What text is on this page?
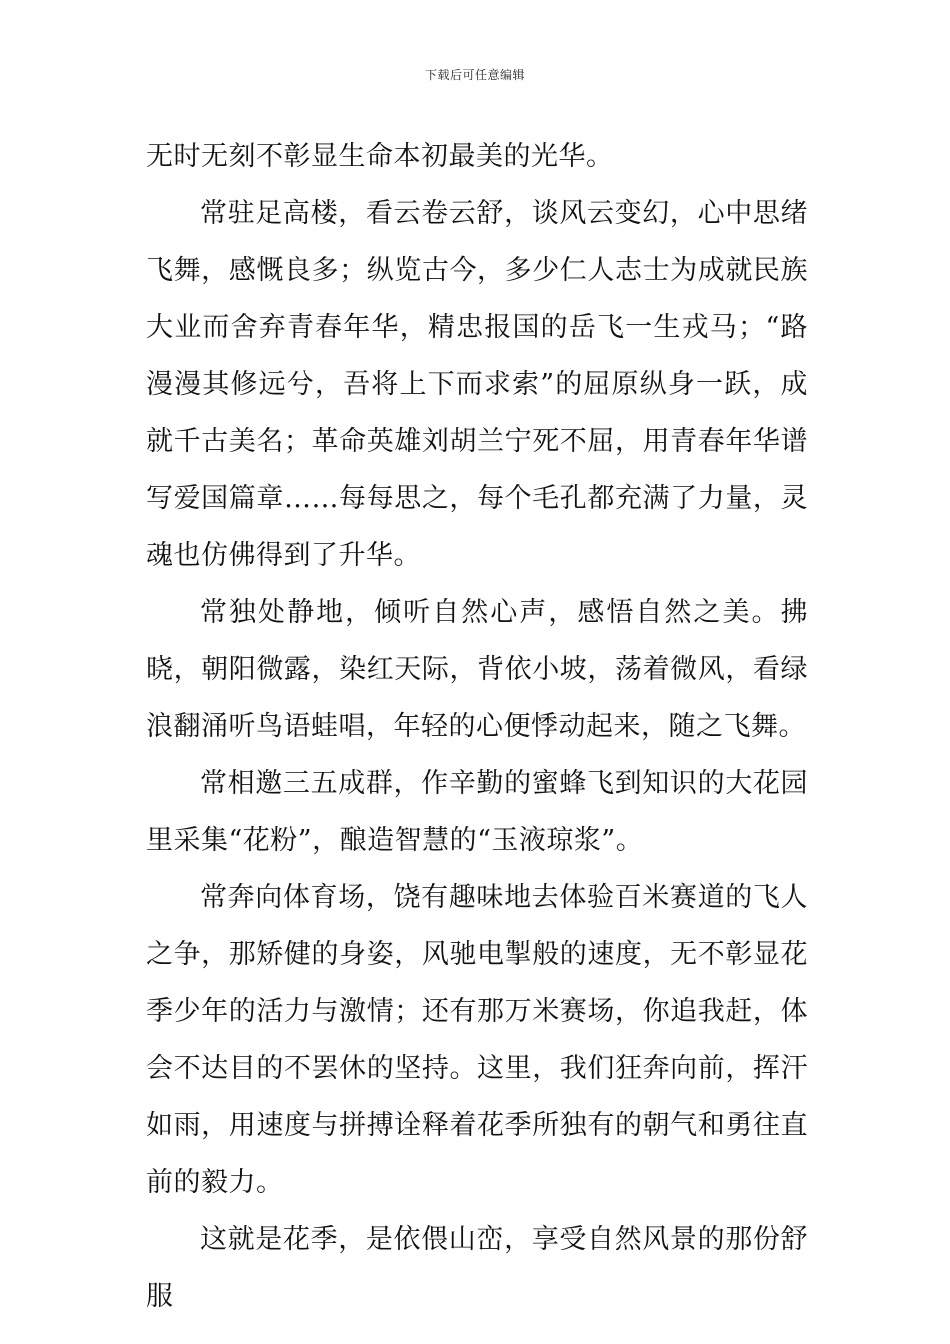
下载后可任意编辑

无时无刻不彰显生命本初最美的光华。

常驻足高楼，看云卷云舒，谈风云变幻，心中思绪飞舞，感慨良多；纵览古今，多少仁人志士为成就民族大业而舍弃青春年华，精忠报国的岳飞一生戎马；“路漫漫其修远兮，吾将上下而求索”的屈原纵身一跃，成就千古美名；革命英雄刘胡兰宁死不屈，用青春年华谱写爱国篇章……每每思之，每个毛孔都充满了力量，灵魂也仿佛得到了升华。

常独处静地，倾听自然心声，感悟自然之美。拂晓，朝阳微露，染红天际，背依小坡，荡着微风，看绿浪翻涌听鸟语蛙唱，年轻的心便悸动起来，随之飞舞。

常相邀三五成群，作辛勤的蜜蜂飞到知识的大花园里采集“花粉”，酿造智慧的“玉液琼浆”。

常奔向体育场，饶有趣味地去体验百米赛道的飞人之争，那矫健的身姿，风驰电掣般的速度，无不彰显花季少年的活力与激情；还有那万米赛场，你追我赶，体会不达目的不罢休的坚持。这里，我们狂奔向前，挥汗如雨，用速度与拼搏诠释着花季所独有的朝气和勇往直前的毅力。

这就是花季，是依偎山峦，享受自然风景的那份舒服
